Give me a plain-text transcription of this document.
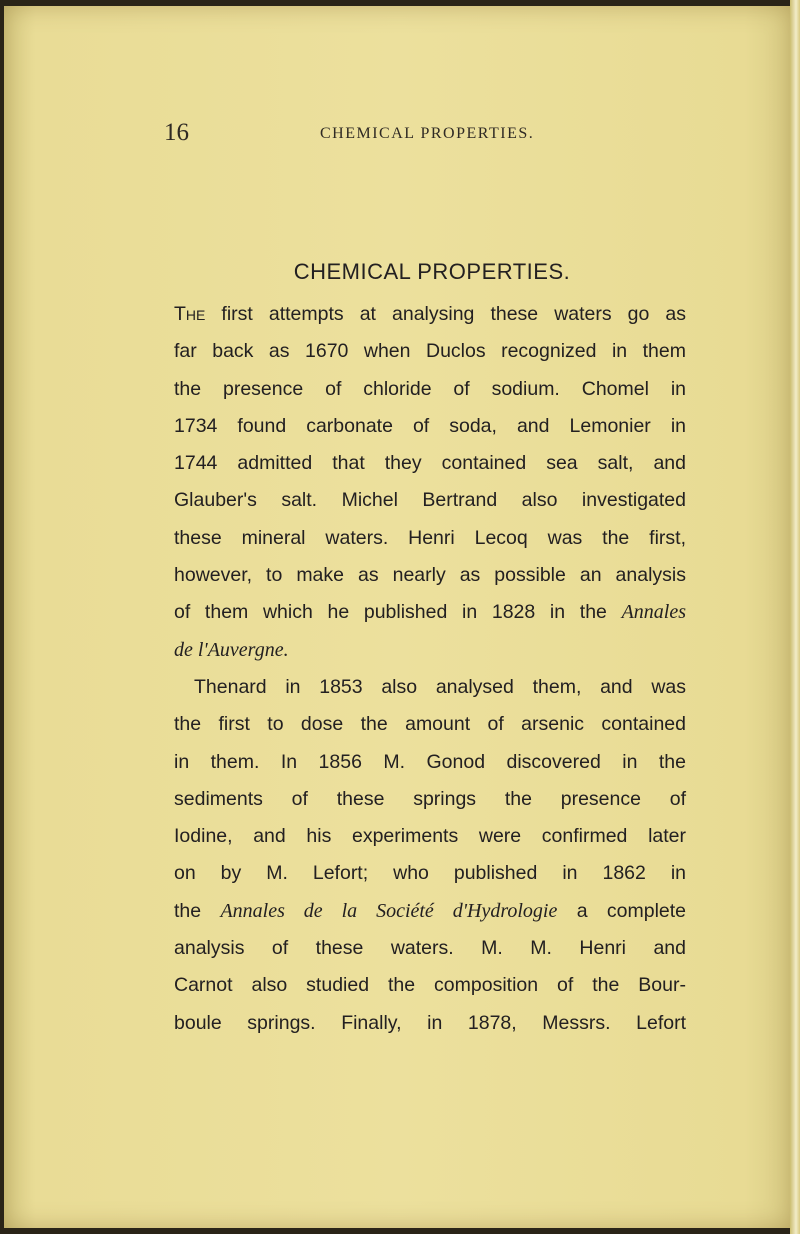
16	CHEMICAL PROPERTIES.
CHEMICAL PROPERTIES.
The first attempts at analysing these waters go as
far back as 1670 when Duclos recognized in them
the presence of chloride of sodium. Chomel in
1734 found carbonate of soda, and Lemonier in
1744 admitted that they contained sea salt, and
Glauber's salt. Michel Bertrand also investigated
these mineral waters. Henri Lecoq was the first,
however, to make as nearly as possible an analysis
of them which he published in 1828 in the Annales
de l'Auvergne.
Thenard in 1853 also analysed them, and was
the first to dose the amount of arsenic contained
in them. In 1856 M. Gonod discovered in the
sediments of these springs the presence of
Iodine, and his experiments were confirmed later
on by M. Lefort; who published in 1862 in
the Annales de la Société d'Hydrologie a complete
analysis of these waters. M. M. Henri and
Carnot also studied the composition of the Bour-
boule springs. Finally, in 1878, Messrs. Lefort
